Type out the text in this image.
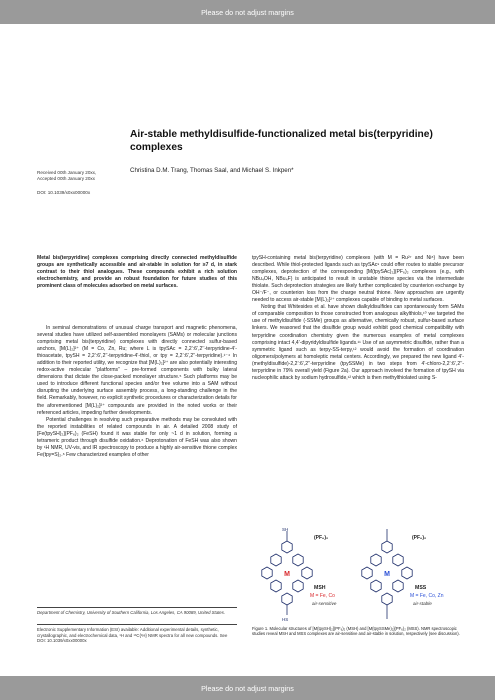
Please do not adjust margins
Air-stable methyldisulfide-functionalized metal bis(terpyridine) complexes
Christina D.M. Trang, Thomas Saal, and Michael S. Inkpen*
Received 00th January 20xx,
Accepted 00th January 20xx
DOI: 10.1039/x0xx00000x
Metal bis(terpyridine) complexes comprising directly connected methyldisulfide groups are synthetically accessible and air-stable in solution for ≥7 d, in stark contrast to their thiol analogues. These compounds exhibit a rich solution electrochemistry, and provide an robust foundation for future studies of this prominent class of molecules adsorbed on metal surfaces.

In seminal demonstrations of unusual charge transport and magnetic phenomena, several studies have utilized self-assembled monolayers (SAMs) or molecular junctions comprising metal bis(terpyridine) complexes with directly connected sulfur-based anchors, [M(L)₂]²⁺ (M = Co, Zn, Ru; where L is tpySAc = 2,2’:6’,2’’-terpyridine-4’-thioacetate, tpySH = 2,2’:6’,2’’-terpyridine-4’-thiol, or tpy = 2,2’:6’,2’’-terpyridine).¹⁻⁴ In addition to their reported utility, we recognize that [M(L)₂]²⁺ are also potentially interesting redox-active molecular “platforms” – pre-formed components with bulky lateral dimensions that dictate the close-packed monolayer structure.⁵ Such platforms may be used to introduce different functional species and/or free volume into a SAM without disrupting the underlying surface assembly process, a long-standing challenge in the field. Remarkably, however, no explicit synthetic procedures or characterization details for the aforementioned [M(L)₂]²⁺ compounds are provided in the noted works or their referenced articles, impeding further developments.

Potential challenges in resolving such preparative methods may be convoluted with the reported instabilities of related compounds in air. A detailed 2008 study of [Fe(tpySH)₂](PF₆)₂ (FeSH) found it was stable for only ~1 d in solution, forming a tetrameric product through disulfide oxidation.⁶ Deprotonation of FeSH was also shown by ¹H NMR, UV-vis, and IR spectroscopy to produce a highly air-sensitive thione complex Fe(tpy=S)₂.⁶ Few characterized examples of other

Department of Chemistry, University of Southern California, Los Angeles, CA 90089, United States.
Electronic Supplementary Information (ESI) available: Additional experimental details, synthetic, crystallographic, and electrochemical data, ¹H and ¹³C{¹H} NMR spectra for all new compounds. See DOI: 10.1039/x0xx00000x

tpySH-containing metal bis(terpyridine) complexes (with M = Ru²⁷ and Ni⁸) have been described. While thiol-protected ligands such as tpySAc⁹ could offer routes to stable precursor complexes, deprotection of the corresponding [M(tpySAc)₂](PF₆)₂ complexes (e.g., with NBu₄OH, NBu₄F) is anticipated to result in unstable thione species via the intermediate thiolate. Such deprotection strategies are likely further complicated by counterion exchange by OH⁻/F⁻, or counterion loss from the charge neutral thione. New approaches are urgently needed to access air-stable [M(L)₂]²⁺ complexes capable of binding to metal surfaces.

Noting that Whitesides et al. have shown dialkyldisulfides can spontaneously form SAMs of comparable composition to those constructed from analogous alkylthiols,¹⁰ we targeted the use of methyldisulfide (-SSMe) groups as alternative, chemically robust, sulfur-based surface linkers. We reasoned that the disulfide group would exhibit good chemical compatibility with terpyridine coordination chemistry given the numerous examples of metal complexes comprising intact 4,4’-dipyridyldisulfide ligands.¹¹ Use of an asymmetric disulfide, rather than a symmetric ligand such as terpy-SS-terpy,¹² would avoid the formation of coordination oligomers/polymers at homoleptic metal centers. Accordingly, we prepared the new ligand 4’-(methyldisulfide)-2,2’:6’,2’’-terpyridine (tpySSMe) in two steps from 4’-chloro-2,2’:6’,2’’-terpyridine in 79% overall yield (Figure 2a). Our approach involved the formation of tpySH via nucleophilic attack by sodium hydrosulfide,¹² which is then methylthiolated using S-

M
SH
HS
(PF₆)₂
MSH
M = Fe, Co
air-sensitive
M
(PF₆)₂
MSS
M = Fe, Co, Zn
air-stable
Figure 1. Molecular structures of [M(tpySH)₂](PF₆)₂ (MSH) and [M(tpySSMe)₂](PF₆)₂ (MSS). NMR spectroscopic studies reveal MSH and MSS complexes are air-sensitive and air-stable in solution, respectively (see discussion).
Please do not adjust margins
